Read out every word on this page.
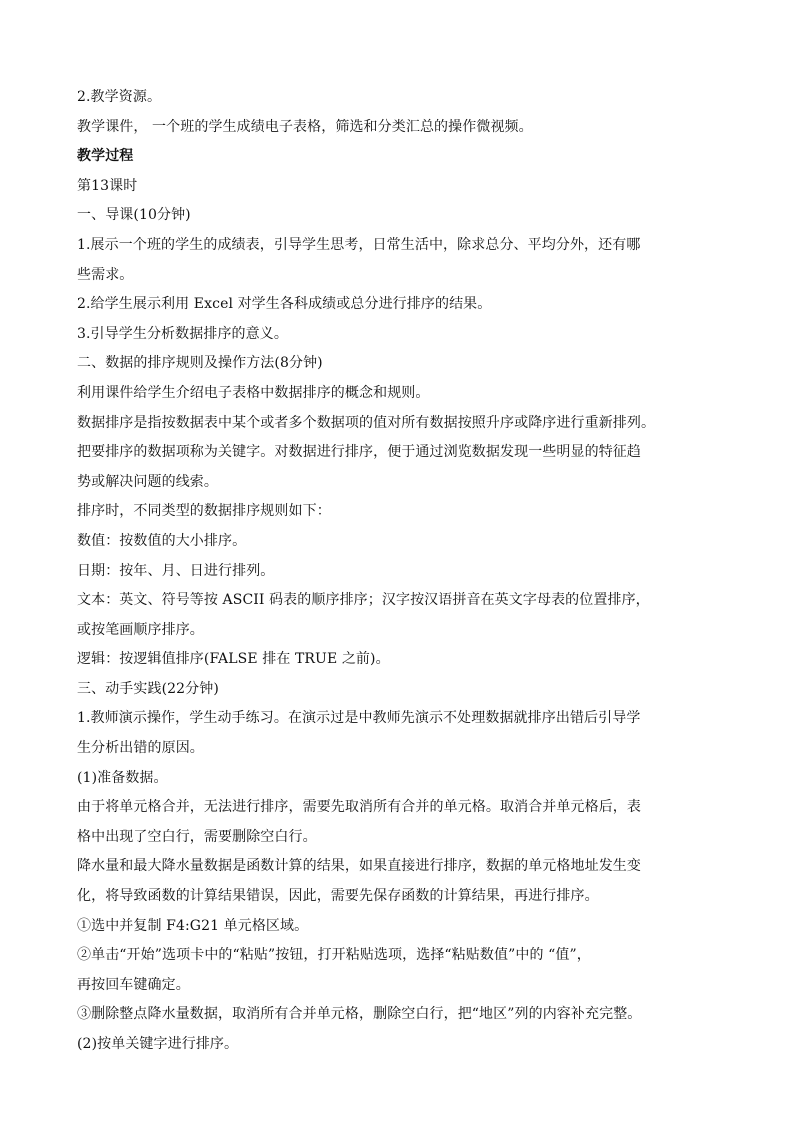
2.教学资源。
教学课件， 一个班的学生成绩电子表格，筛选和分类汇总的操作微视频。
教学过程
第13课时
一、导课(10分钟)
1.展示一个班的学生的成绩表，引导学生思考，日常生活中，除求总分、平均分外，还有哪
些需求。
2.给学生展示利用 Excel 对学生各科成绩或总分进行排序的结果。
3.引导学生分析数据排序的意义。
二、数据的排序规则及操作方法(8分钟)
利用课件给学生介绍电子表格中数据排序的概念和规则。
数据排序是指按数据表中某个或者多个数据项的值对所有数据按照升序或降序进行重新排列。
把要排序的数据项称为关键字。对数据进行排序，便于通过浏览数据发现一些明显的特征趋
势或解决问题的线索。
排序时，不同类型的数据排序规则如下：
数值：按数值的大小排序。
日期：按年、月、日进行排列。
文本：英文、符号等按 ASCII 码表的顺序排序；汉字按汉语拼音在英文字母表的位置排序，
或按笔画顺序排序。
逻辑：按逻辑值排序(FALSE 排在 TRUE 之前)。
三、动手实践(22分钟)
1.教师演示操作，学生动手练习。在演示过是中教师先演示不处理数据就排序出错后引导学
生分析出错的原因。
(1)准备数据。
由于将单元格合并，无法进行排序，需要先取消所有合并的单元格。取消合并单元格后，表
格中出现了空白行，需要删除空白行。
降水量和最大降水量数据是函数计算的结果，如果直接进行排序，数据的单元格地址发生变
化，将导致函数的计算结果错误，因此，需要先保存函数的计算结果，再进行排序。
①选中并复制 F4:G21 单元格区域。
②单击“开始”选项卡中的“粘贴”按钮，打开粘贴选项，选择“粘贴数值”中的 “值”，
再按回车键确定。
③删除整点降水量数据，取消所有合并单元格，删除空白行，把“地区”列的内容补充完整。
(2)按单关键字进行排序。
